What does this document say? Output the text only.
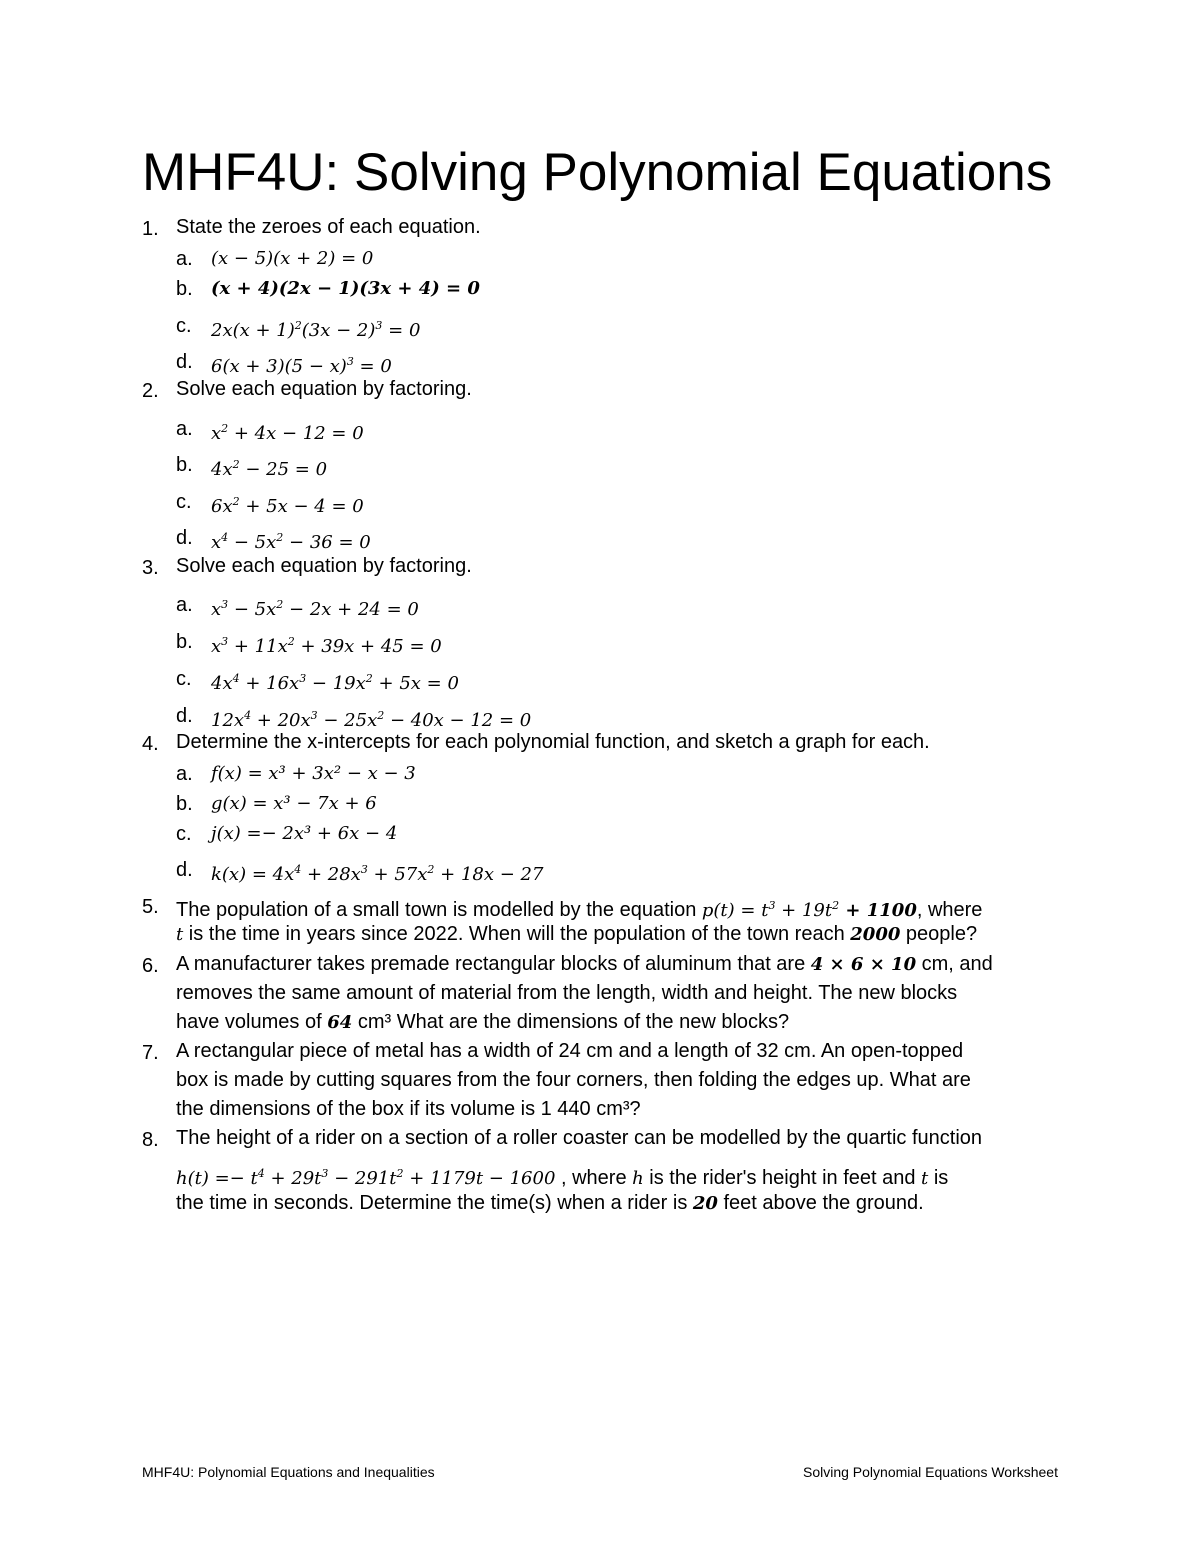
MHF4U: Solving Polynomial Equations
1. State the zeroes of each equation.
a. (x − 5)(x + 2) = 0
b. (x + 4)(2x − 1)(3x + 4) = 0
c. $2x(x + 1)^2(3x - 2)^3 = 0$
d. $6(x + 3)(5 - x)^3 = 0$
2. Solve each equation by factoring.
a. $x^2 + 4x - 12 = 0$
b. $4x^2 - 25 = 0$
c. $6x^2 + 5x - 4 = 0$
d. $x^4 - 5x^2 - 36 = 0$
3. Solve each equation by factoring.
a. $x^3 - 5x^2 - 2x + 24 = 0$
b. $x^3 + 11x^2 + 39x + 45 = 0$
c. $4x^4 + 16x^3 - 19x^2 + 5x = 0$
d. $12x^4 + 20x^3 - 25x^2 - 40x - 12 = 0$
4. Determine the x-intercepts for each polynomial function, and sketch a graph for each.
a. f(x) = x³ + 3x² − x − 3
b. g(x) = x³ − 7x + 6
c. j(x) =− 2x³ + 6x − 4
d. $k(x) = 4x^4 + 28x^3 + 57x^2 + 18x - 27$
5. The population of a small town is modelled by the equation $p(t) = t^3 + 19t^2 + 1100$, where
t is the time in years since 2022. When will the population of the town reach 2000 people?
6. A manufacturer takes premade rectangular blocks of aluminum that are 4 × 6 × 10 cm, and
removes the same amount of material from the length, width and height. The new blocks
have volumes of 64 cm³ What are the dimensions of the new blocks?
7. A rectangular piece of metal has a width of 24 cm and a length of 32 cm. An open-topped
box is made by cutting squares from the four corners, then folding the edges up. What are
the dimensions of the box if its volume is 1 440 cm³?
8. The height of a rider on a section of a roller coaster can be modelled by the quartic function
$h(t) =- t^4 + 29t^3 - 291t^2 + 1179t - 1600$ , where h is the rider's height in feet and t is
the time in seconds. Determine the time(s) when a rider is 20 feet above the ground.
MHF4U: Polynomial Equations and Inequalities	Solving Polynomial Equations Worksheet
